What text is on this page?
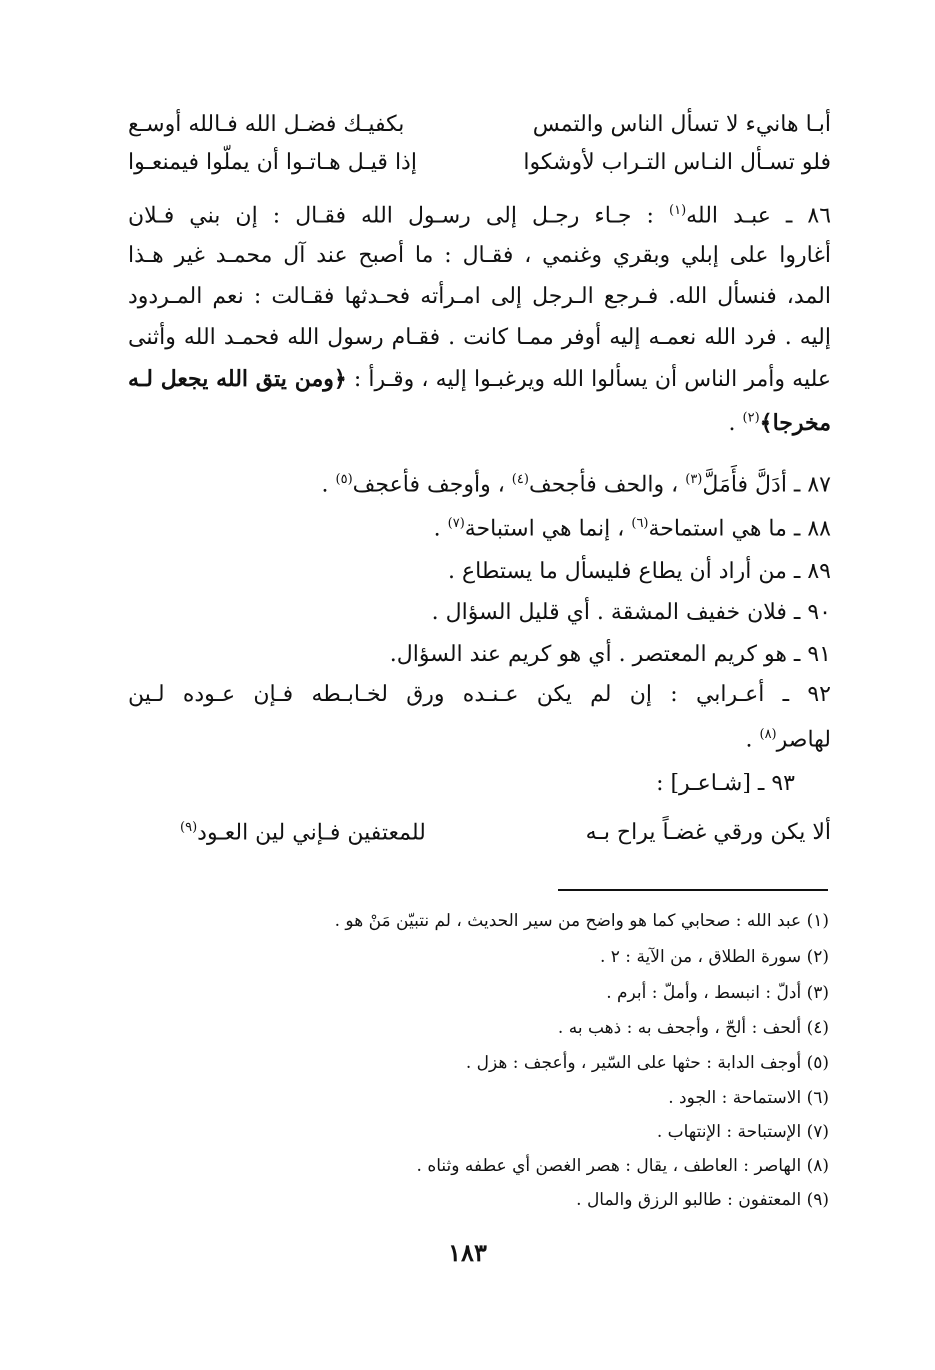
أبـا هانيء لا تسأل الناس والتمس
بكفيـك فضـل الله فـالله أوسـع
فلو تسـأل النـاس التـراب لأوشكوا
إذا قيـل هـاتـوا أن يملّوا فيمنعـوا
٨٦ ـ عبـد الله$^{(١)}$ : جـاء رجـل إلى رسـول الله فقـال : إن بني فـلان
أغاروا على إبلي وبقري وغنمي ، فقـال : ما أصبح عند آل محمـد غير هـذا
المد، فنسأل الله. فـرجع الـرجل إلى امـرأته فحـدثها فقـالت : نعم المـردود
إليه . فرد الله نعمـه إليه أوفر ممـا كانت . فقـام رسول الله فحمـد الله وأثنى
عليه وأمر الناس أن يسألوا الله ويرغبـوا إليه ، وقـرأ : ﴿ومن يتق الله يجعل لـه
مخرجا﴾$^{(٢)}$ .
٨٧ ـ أدَلَّ فأَمَلَّ$^{(٣)}$ ، والحف فأجحف$^{(٤)}$ ، وأوجف فأعجف$^{(٥)}$ .
٨٨ ـ ما هي استماحة$^{(٦)}$ ، إنما هي استباحة$^{(٧)}$ .
٨٩ ـ من أراد أن يطاع فليسأل ما يستطاع .
٩٠ ـ فلان خفيف المشقة . أي قليل السؤال .
٩١ ـ هو كريم المعتصر . أي هو كريم عند السؤال.
٩٢ ـ أعـرابي : إن لم يكن عـنـده ورق لخـابـطه فـإن عـوده لـين
لهاصر$^{(٨)}$ .
٩٣ ـ [شـاعـر] :
ألا يكن ورقي غضـاً يراح بـه
للمعتفين فـإني لين العـود$^{(٩)}$
(١) عبد الله : صحابي كما هو واضح من سير الحديث ، لم نتبيّن مَنْ هو .
(٢) سورة الطلاق ، من الآية : ٢ .
(٣) أدلّ : انبسط ، وأملّ : أبرم .
(٤) ألحف : ألحّ ، وأجحف به : ذهب به .
(٥) أوجف الدابة : حثها على السّير ، وأعجف : هزل .
(٦) الاستماحة : الجود .
(٧) الإستباحة : الإنتهاب .
(٨) الهاصر : العاطف ، يقال : هصر الغصن أي عطفه وثناه .
(٩) المعتفون : طالبو الرزق والمال .
١٨٣
